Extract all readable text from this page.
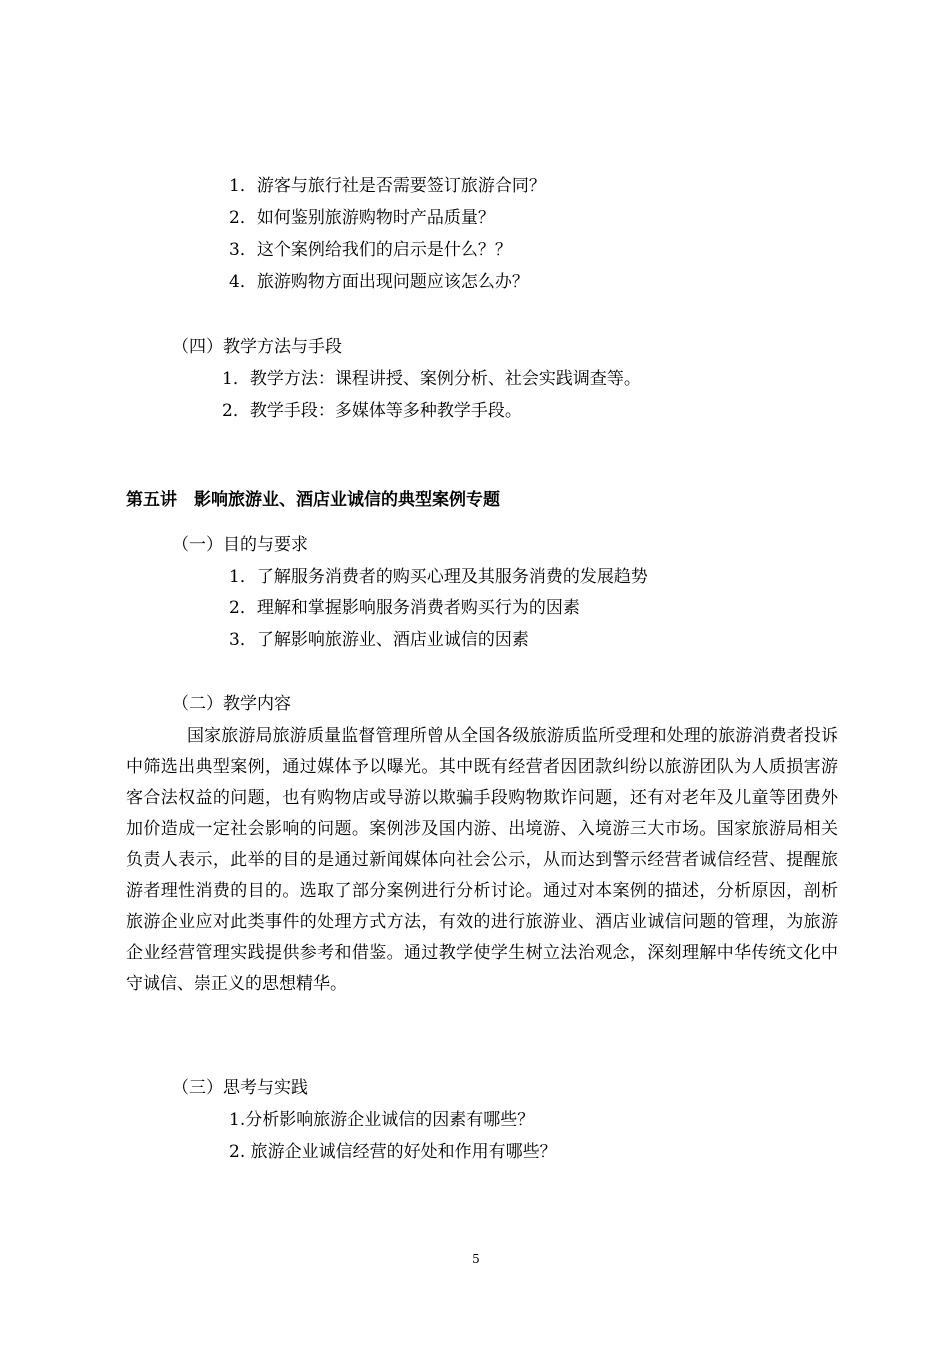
1．游客与旅行社是否需要签订旅游合同？

2．如何鉴别旅游购物时产品质量？

3．这个案例给我们的启示是什么？？

4．旅游购物方面出现问题应该怎么办？

（四）教学方法与手段

1．教学方法：课程讲授、案例分析、社会实践调查等。

2．教学手段：多媒体等多种教学手段。

第五讲　影响旅游业、酒店业诚信的典型案例专题

（一）目的与要求

1．了解服务消费者的购买心理及其服务消费的发展趋势

2．理解和掌握影响服务消费者购买行为的因素

3．了解影响旅游业、酒店业诚信的因素

（二）教学内容

国家旅游局旅游质量监督管理所曾从全国各级旅游质监所受理和处理的旅游消费者投诉中筛选出典型案例，通过媒体予以曝光。其中既有经营者因团款纠纷以旅游团队为人质损害游客合法权益的问题，也有购物店或导游以欺骗手段购物欺诈问题，还有对老年及儿童等团费外加价造成一定社会影响的问题。案例涉及国内游、出境游、入境游三大市场。国家旅游局相关负责人表示，此举的目的是通过新闻媒体向社会公示，从而达到警示经营者诚信经营、提醒旅游者理性消费的目的。选取了部分案例进行分析讨论。通过对本案例的描述，分析原因，剖析旅游企业应对此类事件的处理方式方法，有效的进行旅游业、酒店业诚信问题的管理，为旅游企业经营管理实践提供参考和借鉴。通过教学使学生树立法治观念，深刻理解中华传统文化中守诚信、崇正义的思想精华。

（三）思考与实践

1.分析影响旅游企业诚信的因素有哪些？

2. 旅游企业诚信经营的好处和作用有哪些？

5
